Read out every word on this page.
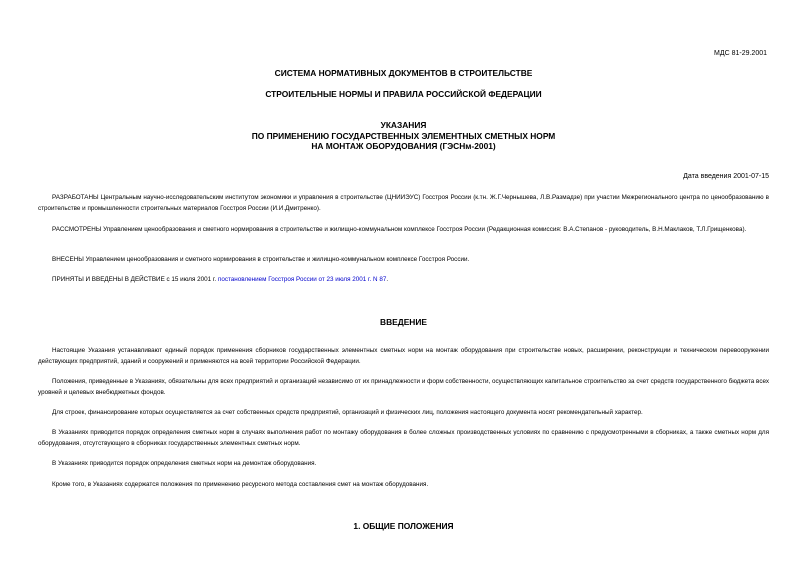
МДС 81-29.2001
СИСТЕМА НОРМАТИВНЫХ ДОКУМЕНТОВ В СТРОИТЕЛЬСТВЕ
СТРОИТЕЛЬНЫЕ НОРМЫ И ПРАВИЛА РОССИЙСКОЙ ФЕДЕРАЦИИ
УКАЗАНИЯ
ПО ПРИМЕНЕНИЮ ГОСУДАРСТВЕННЫХ ЭЛЕМЕНТНЫХ СМЕТНЫХ НОРМ
НА МОНТАЖ ОБОРУДОВАНИЯ (ГЭСНм-2001)
Дата введения 2001-07-15

РАЗРАБОТАНЫ Центральным научно-исследовательским институтом экономики и управления в строительстве (ЦНИИЭУС) Госстроя России (к.тн. Ж.Г.Чернышева, Л.В.Размадзе) при участии Межрегионального центра по ценообразованию в строительстве и промышленности строительных материалов Госстроя России (И.И.Дмитренко).

РАССМОТРЕНЫ Управлением ценообразования и сметного нормирования в строительстве и жилищно-коммунальном комплексе Госстроя России (Редакционная комиссия: В.А.Степанов - руководитель, В.Н.Маклаков, Т.Л.Грищенкова).

ВНЕСЕНЫ Управлением ценообразования и сметного нормирования в строительстве и жилищно-коммунальном комплексе Госстроя России.

ПРИНЯТЫ И ВВЕДЕНЫ В ДЕЙСТВИЕ с 15 июля 2001 г. постановлением Госстроя России от 23 июля 2001 г. N 87.

ВВЕДЕНИЕ

Настоящие Указания устанавливают единый порядок применения сборников государственных элементных сметных норм на монтаж оборудования при строительстве новых, расширении, реконструкции и техническом перевооружении действующих предприятий, зданий и сооружений и применяются на всей территории Российской Федерации.

Положения, приведенные в Указаниях, обязательны для всех предприятий и организаций независимо от их принадлежности и форм собственности, осуществляющих капитальное строительство за счет средств государственного бюджета всех уровней и целевых внебюджетных фондов.

Для строек, финансирование которых осуществляется за счет собственных средств предприятий, организаций и физических лиц, положения настоящего документа носят рекомендательный характер.

В Указаниях приводится порядок определения сметных норм в случаях выполнения работ по монтажу оборудования в более сложных производственных условиях по сравнению с предусмотренными в сборниках, а также сметных норм для оборудования, отсутствующего в сборниках государственных элементных сметных норм.

В Указаниях приводится порядок определения сметных норм на демонтаж оборудования.

Кроме того, в Указаниях содержатся положения по применению ресурсного метода составления смет на монтаж оборудования.

1. ОБЩИЕ ПОЛОЖЕНИЯ
